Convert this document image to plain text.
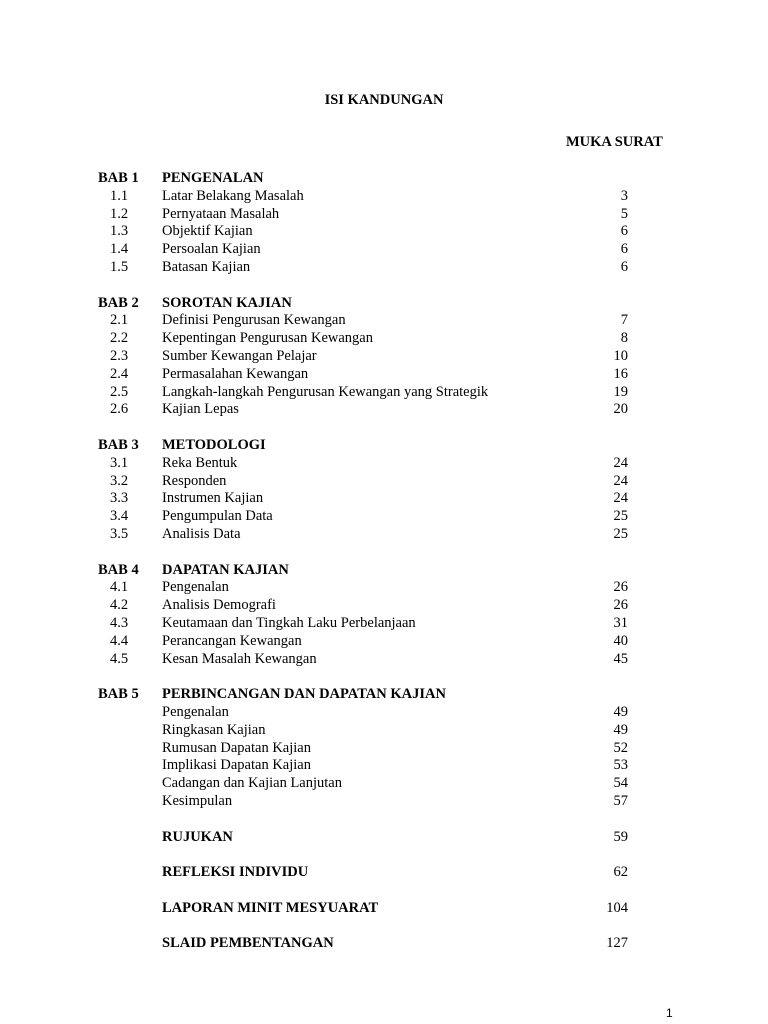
ISI KANDUNGAN
MUKA SURAT
BAB 1	PENGENALAN
1.1	Latar Belakang Masalah	3
1.2	Pernyataan Masalah	5
1.3	Objektif Kajian	6
1.4	Persoalan Kajian	6
1.5	Batasan Kajian	6
BAB 2	SOROTAN KAJIAN
2.1	Definisi Pengurusan Kewangan	7
2.2	Kepentingan Pengurusan Kewangan	8
2.3	Sumber Kewangan Pelajar	10
2.4	Permasalahan Kewangan	16
2.5	Langkah-langkah Pengurusan Kewangan yang Strategik	19
2.6	Kajian Lepas	20
BAB 3	METODOLOGI
3.1	Reka Bentuk	24
3.2	Responden	24
3.3	Instrumen Kajian	24
3.4	Pengumpulan Data	25
3.5	Analisis Data	25
BAB 4	DAPATAN KAJIAN
4.1	Pengenalan	26
4.2	Analisis Demografi	26
4.3	Keutamaan dan Tingkah Laku Perbelanjaan	31
4.4	Perancangan Kewangan	40
4.5	Kesan Masalah Kewangan	45
BAB 5	PERBINCANGAN DAN DAPATAN KAJIAN
Pengenalan	49
Ringkasan Kajian	49
Rumusan Dapatan Kajian	52
Implikasi Dapatan Kajian	53
Cadangan dan Kajian Lanjutan	54
Kesimpulan	57
RUJUKAN	59
REFLEKSI INDIVIDU	62
LAPORAN MINIT MESYUARAT	104
SLAID PEMBENTANGAN	127
1
